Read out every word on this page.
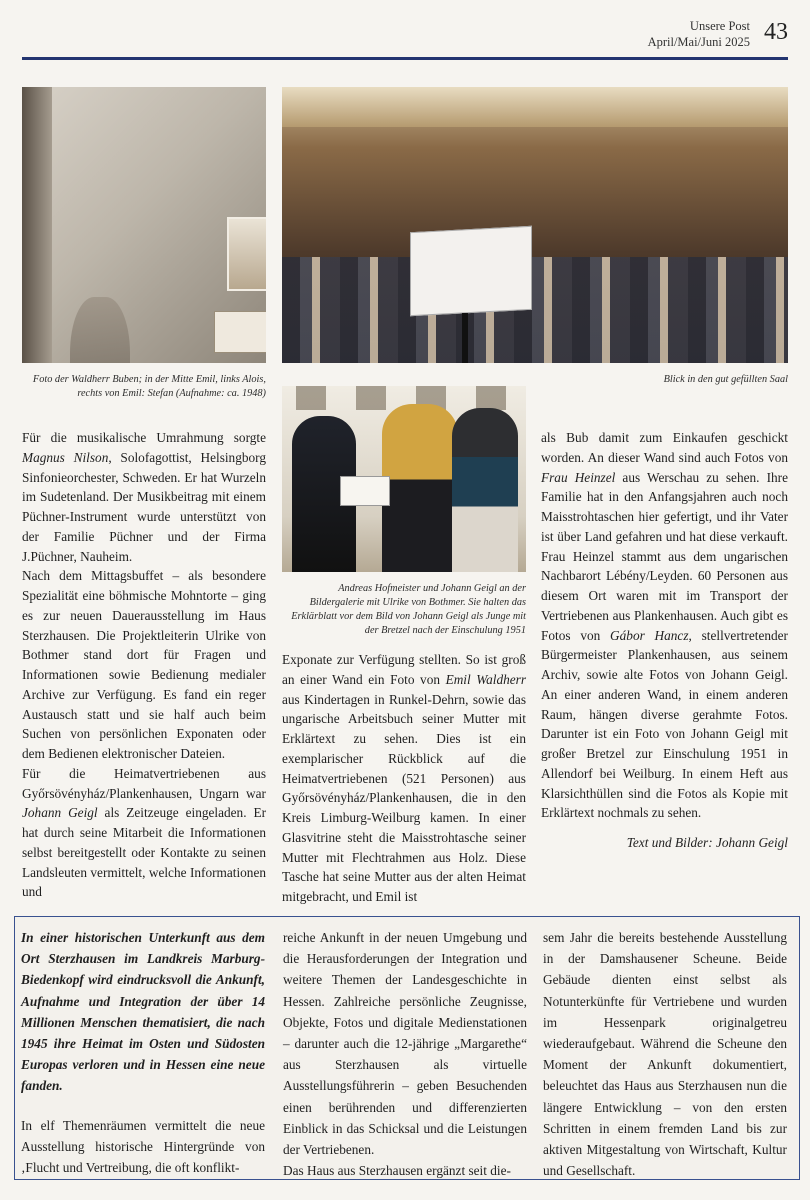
Unsere Post
April/Mai/Juni 2025 43
Foto der Waldherr Buben; in der Mitte Emil, links Alois, rechts von Emil: Stefan (Aufnahme: ca. 1948)
Blick in den gut gefüllten Saal
Andreas Hofmeister und Johann Geigl an der Bildergalerie mit Ulrike von Bothmer. Sie halten das Erklärblatt vor dem Bild von Johann Geigl als Junge mit der Bretzel nach der Einschulung 1951

Für die musikalische Umrahmung sorgte Magnus Nilson, Solofagottist, Helsingborg Sinfonieorchester, Schweden. Er hat Wurzeln im Sudetenland. Der Musikbeitrag mit einem Püchner-Instrument wurde unterstützt von der Familie Püchner und der Firma J.Püchner, Nauheim.

Nach dem Mittagsbuffet – als besondere Spezialität eine böhmische Mohntorte – ging es zur neuen Dauerausstellung im Haus Sterzhausen. Die Projektleiterin Ulrike von Bothmer stand dort für Fragen und Informationen sowie Bedienung medialer Archive zur Verfügung. Es fand ein reger Austausch statt und sie half auch beim Suchen von persönlichen Exponaten oder dem Bedienen elektronischer Dateien.

Für die Heimatvertriebenen aus Győrsövényház/Plankenhausen, Ungarn war Johann Geigl als Zeitzeuge eingeladen. Er hat durch seine Mitarbeit die Informationen selbst bereitgestellt oder Kontakte zu seinen Landsleuten vermittelt, welche Informationen und

Exponate zur Verfügung stellten. So ist groß an einer Wand ein Foto von Emil Waldherr aus Kindertagen in Runkel-Dehrn, sowie das ungarische Arbeitsbuch seiner Mutter mit Erklärtext zu sehen. Dies ist ein exemplarischer Rückblick auf die Heimatvertriebenen (521 Personen) aus Győrsövényház/Plankenhausen, die in den Kreis Limburg-Weilburg kamen. In einer Glasvitrine steht die Maisstrohtasche seiner Mutter mit Flechtrahmen aus Holz. Diese Tasche hat seine Mutter aus der alten Heimat mitgebracht, und Emil ist

als Bub damit zum Einkaufen geschickt worden. An dieser Wand sind auch Fotos von Frau Heinzel aus Werschau zu sehen. Ihre Familie hat in den Anfangsjahren auch noch Maisstrohtaschen hier gefertigt, und ihr Vater ist über Land gefahren und hat diese verkauft. Frau Heinzel stammt aus dem ungarischen Nachbarort Lébény/Leyden. 60 Personen aus diesem Ort waren mit im Transport der Vertriebenen aus Plankenhausen. Auch gibt es Fotos von Gábor Hancz, stellvertretender Bürgermeister Plankenhausen, aus seinem Archiv, sowie alte Fotos von Johann Geigl. An einer anderen Wand, in einem anderen Raum, hängen diverse gerahmte Fotos. Darunter ist ein Foto von Johann Geigl mit großer Bretzel zur Einschulung 1951 in Allendorf bei Weilburg. In einem Heft aus Klarsichthüllen sind die Fotos als Kopie mit Erklärtext nochmals zu sehen.

Text und Bilder: Johann Geigl

In einer historischen Unterkunft aus dem Ort Sterzhausen im Landkreis Marburg-Biedenkopf wird eindrucksvoll die Ankunft, Aufnahme und Integration der über 14 Millionen Menschen thematisiert, die nach 1945 ihre Heimat im Osten und Südosten Europas verloren und in Hessen eine neue fanden.

In elf Themenräumen vermittelt die neue Ausstellung historische Hintergründe von ‚Flucht und Vertreibung, die oft konflikt-

reiche Ankunft in der neuen Umgebung und die Herausforderungen der Integration und weitere Themen der Landesgeschichte in Hessen. Zahlreiche persönliche Zeugnisse, Objekte, Fotos und digitale Medienstationen – darunter auch die 12-jährige „Margarethe“ aus Sterzhausen als virtuelle Ausstellungsführerin – geben Besuchenden einen berührenden und differenzierten Einblick in das Schicksal und die Leistungen der Vertriebenen.

Das Haus aus Sterzhausen ergänzt seit die-

sem Jahr die bereits bestehende Ausstellung in der Damshausener Scheune. Beide Gebäude dienten einst selbst als Notunterkünfte für Vertriebene und wurden im Hessenpark originalgetreu wiederaufgebaut. Während die Scheune den Moment der Ankunft dokumentiert, beleuchtet das Haus aus Sterzhausen nun die längere Entwicklung – von den ersten Schritten in einem fremden Land bis zur aktiven Mitgestaltung von Wirtschaft, Kultur und Gesellschaft.
